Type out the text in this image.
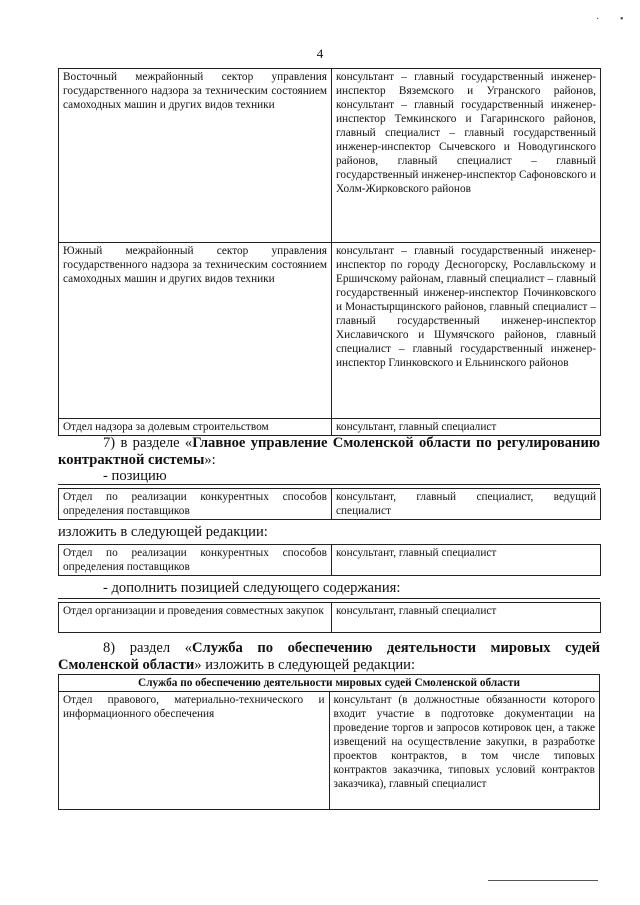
· •
4
Восточный межрайонный сектор управления государственного надзора за техническим состоянием самоходных машин и других видов техники	консультант – главный государственный инженер-инспектор Вяземского и Угранского районов, консультант – главный государственный инженер-инспектор Темкинского и Гагаринского районов, главный специалист – главный государственный инженер-инспектор Сычевского и Новодугинского районов, главный специалист – главный государственный инженер-инспектор Сафоновского и Холм-Жирковского районов
Южный межрайонный сектор управления государственного надзора за техническим состоянием самоходных машин и других видов техники	консультант – главный государственный инженер-инспектор по городу Десногорску, Рославльскому и Ершичскому районам, главный специалист – главный государственный инженер-инспектор Починковского и Монастырщинского районов, главный специалист – главный государственный инженер-инспектор Хиславичского и Шумячского районов, главный специалист – главный государственный инженер-инспектор Глинковского и Ельнинского районов
Отдел надзора за долевым строительством	консультант, главный специалист
7) в разделе «Главное управление Смоленской области по регулированию контрактной системы»:
- позицию
Отдел по реализации конкурентных способов определения поставщиков	консультант, главный специалист, ведущий специалист
изложить в следующей редакции:
Отдел по реализации конкурентных способов определения поставщиков	консультант, главный специалист
- дополнить позицией следующего содержания:
Отдел организации и проведения совместных закупок	консультант, главный специалист
8) раздел «Служба по обеспечению деятельности мировых судей Смоленской области» изложить в следующей редакции:
Служба по обеспечению деятельности мировых судей Смоленской области
Отдел правового, материально-технического и информационного обеспечения	консультант (в должностные обязанности которого входит участие в подготовке документации на проведение торгов и запросов котировок цен, а также извещений на осуществление закупки, в разработке проектов контрактов, в том числе типовых контрактов заказчика, типовых условий контрактов заказчика), главный специалист
